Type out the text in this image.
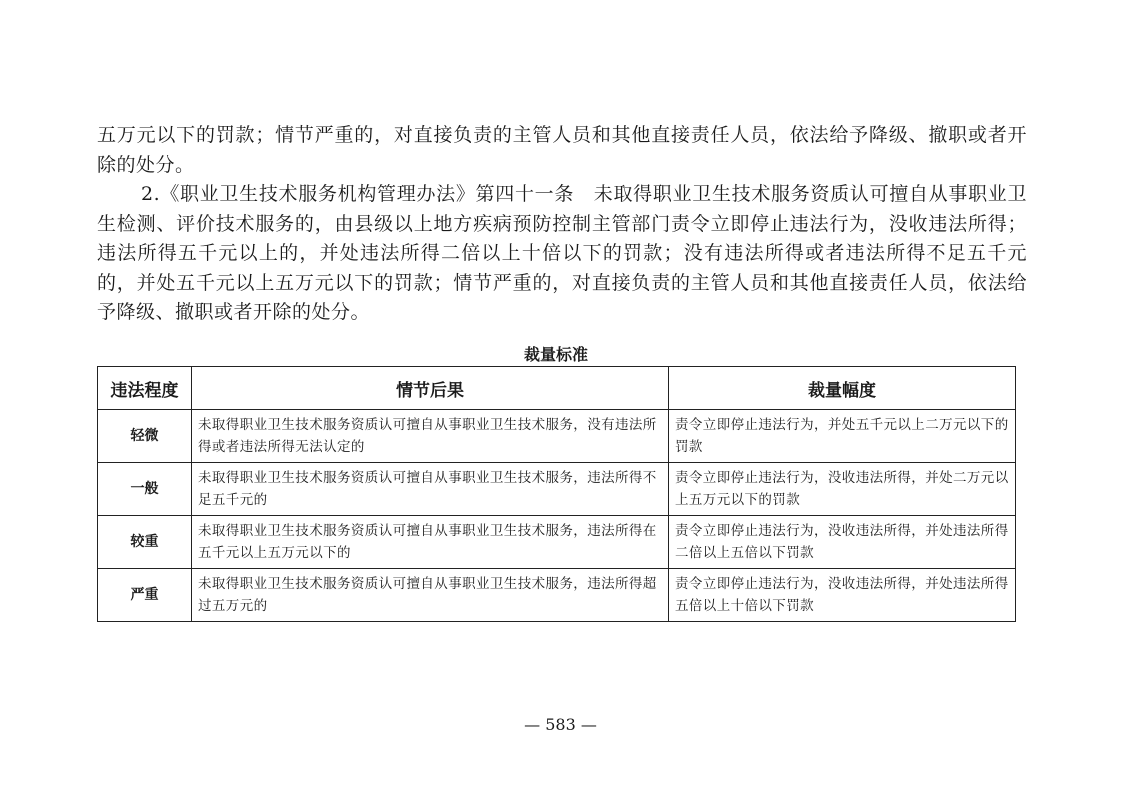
五万元以下的罚款；情节严重的，对直接负责的主管人员和其他直接责任人员，依法给予降级、撤职或者开除的处分。

2.《职业卫生技术服务机构管理办法》第四十一条　未取得职业卫生技术服务资质认可擅自从事职业卫生检测、评价技术服务的，由县级以上地方疾病预防控制主管部门责令立即停止违法行为，没收违法所得；违法所得五千元以上的，并处违法所得二倍以上十倍以下的罚款；没有违法所得或者违法所得不足五千元的，并处五千元以上五万元以下的罚款；情节严重的，对直接负责的主管人员和其他直接责任人员，依法给予降级、撤职或者开除的处分。

裁量标准
违法程度	情节后果	裁量幅度
轻微	未取得职业卫生技术服务资质认可擅自从事职业卫生技术服务，没有违法所得或者违法所得无法认定的	责令立即停止违法行为，并处五千元以上二万元以下的罚款
一般	未取得职业卫生技术服务资质认可擅自从事职业卫生技术服务，违法所得不足五千元的	责令立即停止违法行为，没收违法所得，并处二万元以上五万元以下的罚款
较重	未取得职业卫生技术服务资质认可擅自从事职业卫生技术服务，违法所得在五千元以上五万元以下的	责令立即停止违法行为，没收违法所得，并处违法所得二倍以上五倍以下罚款
严重	未取得职业卫生技术服务资质认可擅自从事职业卫生技术服务，违法所得超过五万元的	责令立即停止违法行为，没收违法所得，并处违法所得五倍以上十倍以下罚款
— 583 —
